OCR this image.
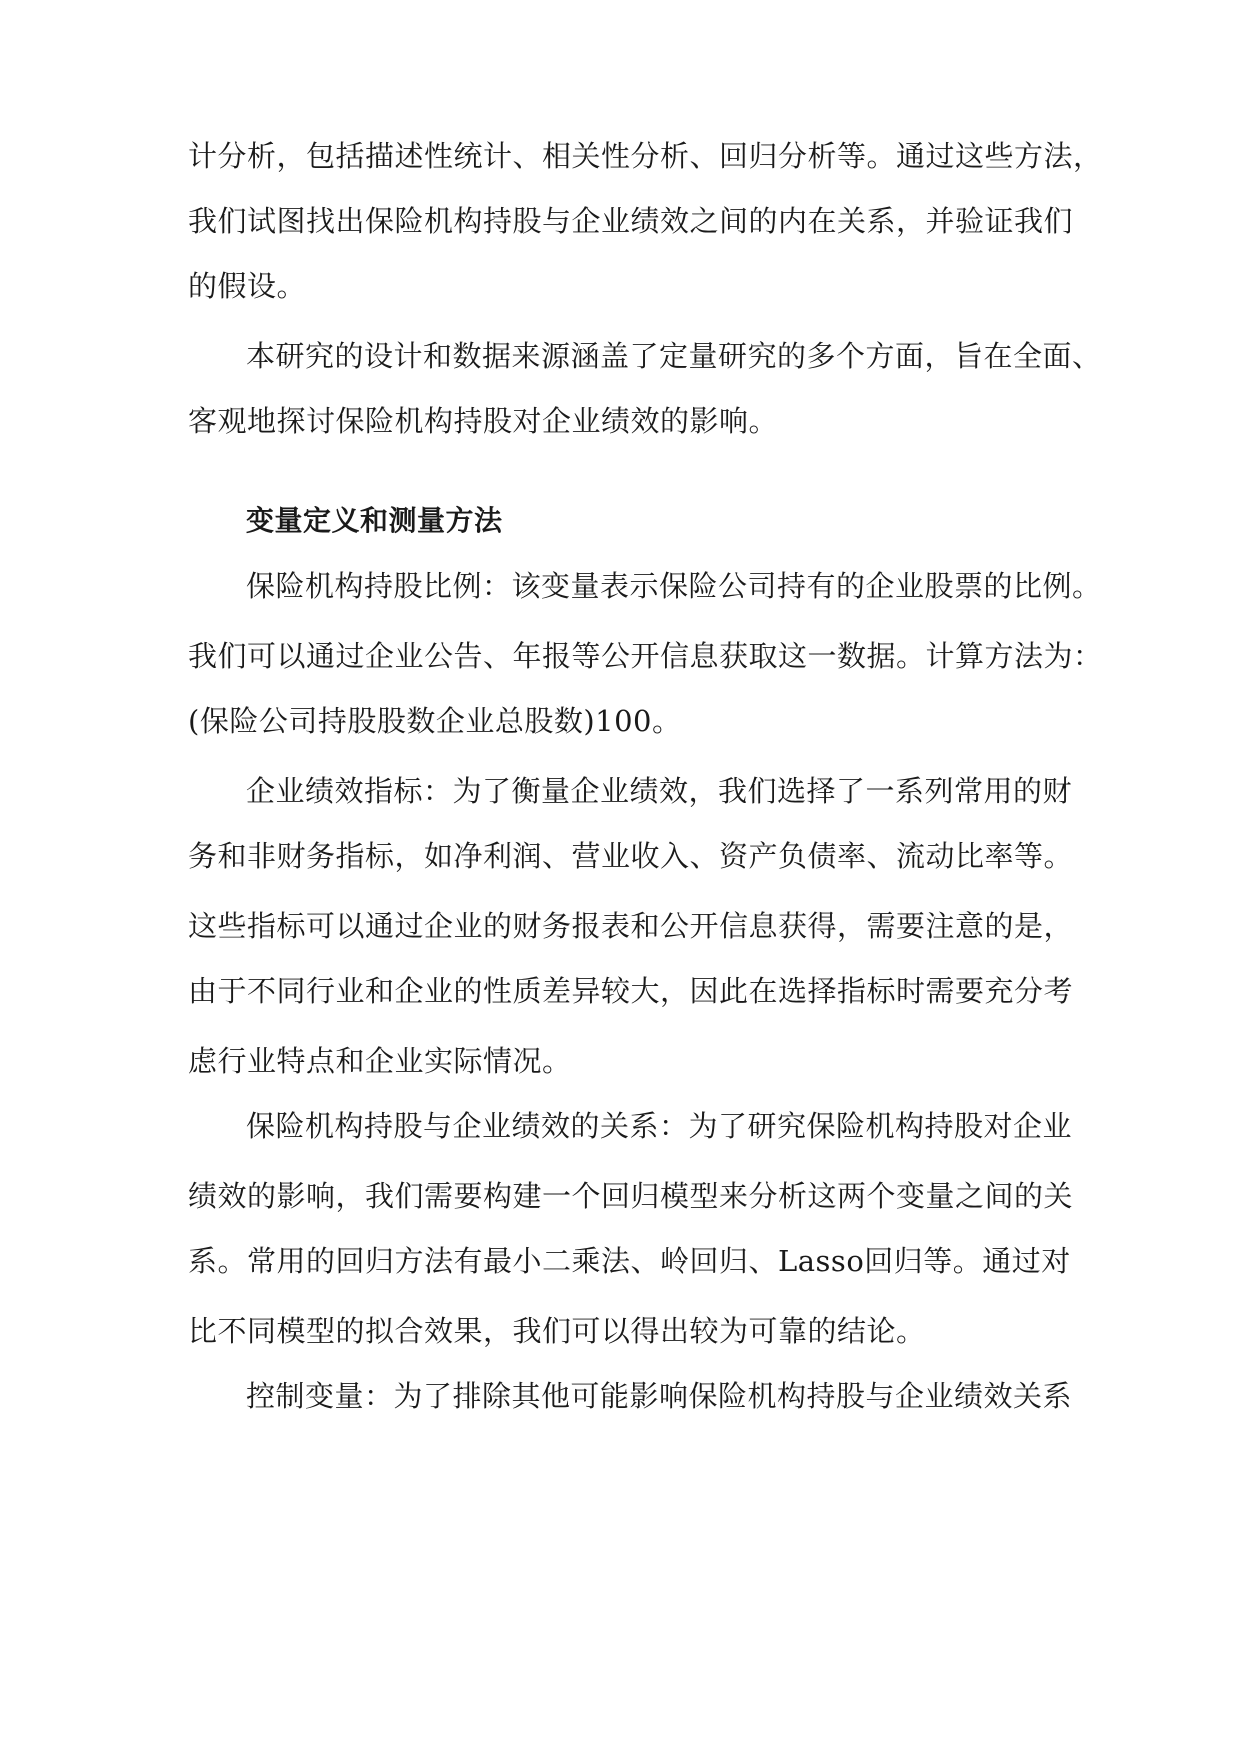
计分析，包括描述性统计、相关性分析、回归分析等。通过这些方法，
我们试图找出保险机构持股与企业绩效之间的内在关系，并验证我们
的假设。
本研究的设计和数据来源涵盖了定量研究的多个方面，旨在全面、
客观地探讨保险机构持股对企业绩效的影响。
变量定义和测量方法
保险机构持股比例：该变量表示保险公司持有的企业股票的比例。
我们可以通过企业公告、年报等公开信息获取这一数据。计算方法为：
(保险公司持股股数企业总股数)100。
企业绩效指标：为了衡量企业绩效，我们选择了一系列常用的财
务和非财务指标，如净利润、营业收入、资产负债率、流动比率等。
这些指标可以通过企业的财务报表和公开信息获得，需要注意的是，
由于不同行业和企业的性质差异较大，因此在选择指标时需要充分考
虑行业特点和企业实际情况。
保险机构持股与企业绩效的关系：为了研究保险机构持股对企业
绩效的影响，我们需要构建一个回归模型来分析这两个变量之间的关
系。常用的回归方法有最小二乘法、岭回归、Lasso回归等。通过对
比不同模型的拟合效果，我们可以得出较为可靠的结论。
控制变量：为了排除其他可能影响保险机构持股与企业绩效关系
